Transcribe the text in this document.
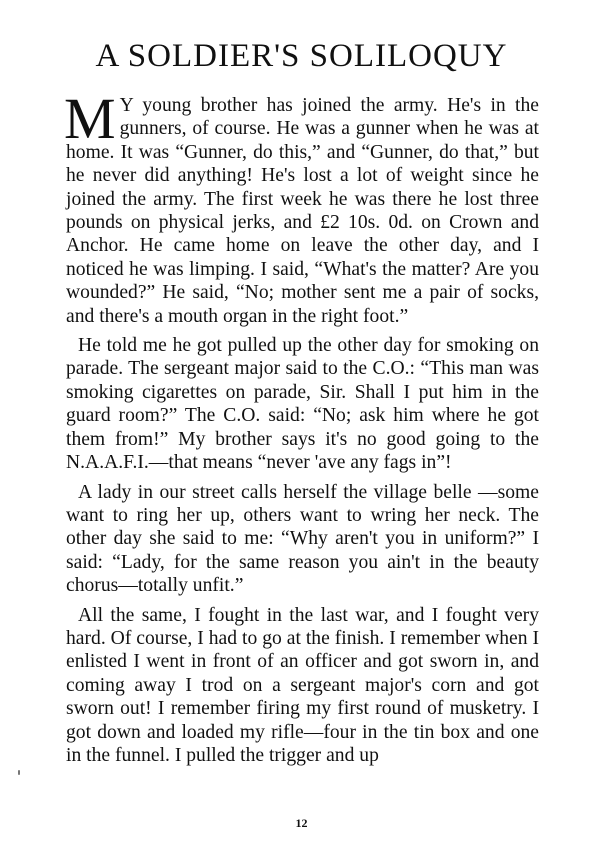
A SOLDIER'S SOLILOQUY

M Y young brother has joined the army. He's in the gunners, of course. He was a gunner when he was at home. It was “Gunner, do this,” and “Gunner, do that,” but he never did anything! He's lost a lot of weight since he joined the army. The first week he was there he lost three pounds on physical jerks, and £2 10s. 0d. on Crown and Anchor. He came home on leave the other day, and I noticed he was limping. I said, “What's the matter? Are you wounded?” He said, “No; mother sent me a pair of socks, and there's a mouth organ in the right foot.”

He told me he got pulled up the other day for smoking on parade. The sergeant major said to the C.O.: “This man was smoking cigarettes on parade, Sir. Shall I put him in the guard room?” The C.O. said: “No; ask him where he got them from!” My brother says it's no good going to the N.A.A.F.I.—that means “never 'ave any fags in”!

A lady in our street calls herself the village belle —some want to ring her up, others want to wring her neck. The other day she said to me: “Why aren't you in uniform?” I said: “Lady, for the same reason you ain't in the beauty chorus—totally unfit.”

All the same, I fought in the last war, and I fought very hard. Of course, I had to go at the finish. I remember when I enlisted I went in front of an officer and got sworn in, and coming away I trod on a sergeant major's corn and got sworn out! I remember firing my first round of musketry. I got down and loaded my rifle—four in the tin box and one in the funnel. I pulled the trigger and up

12
